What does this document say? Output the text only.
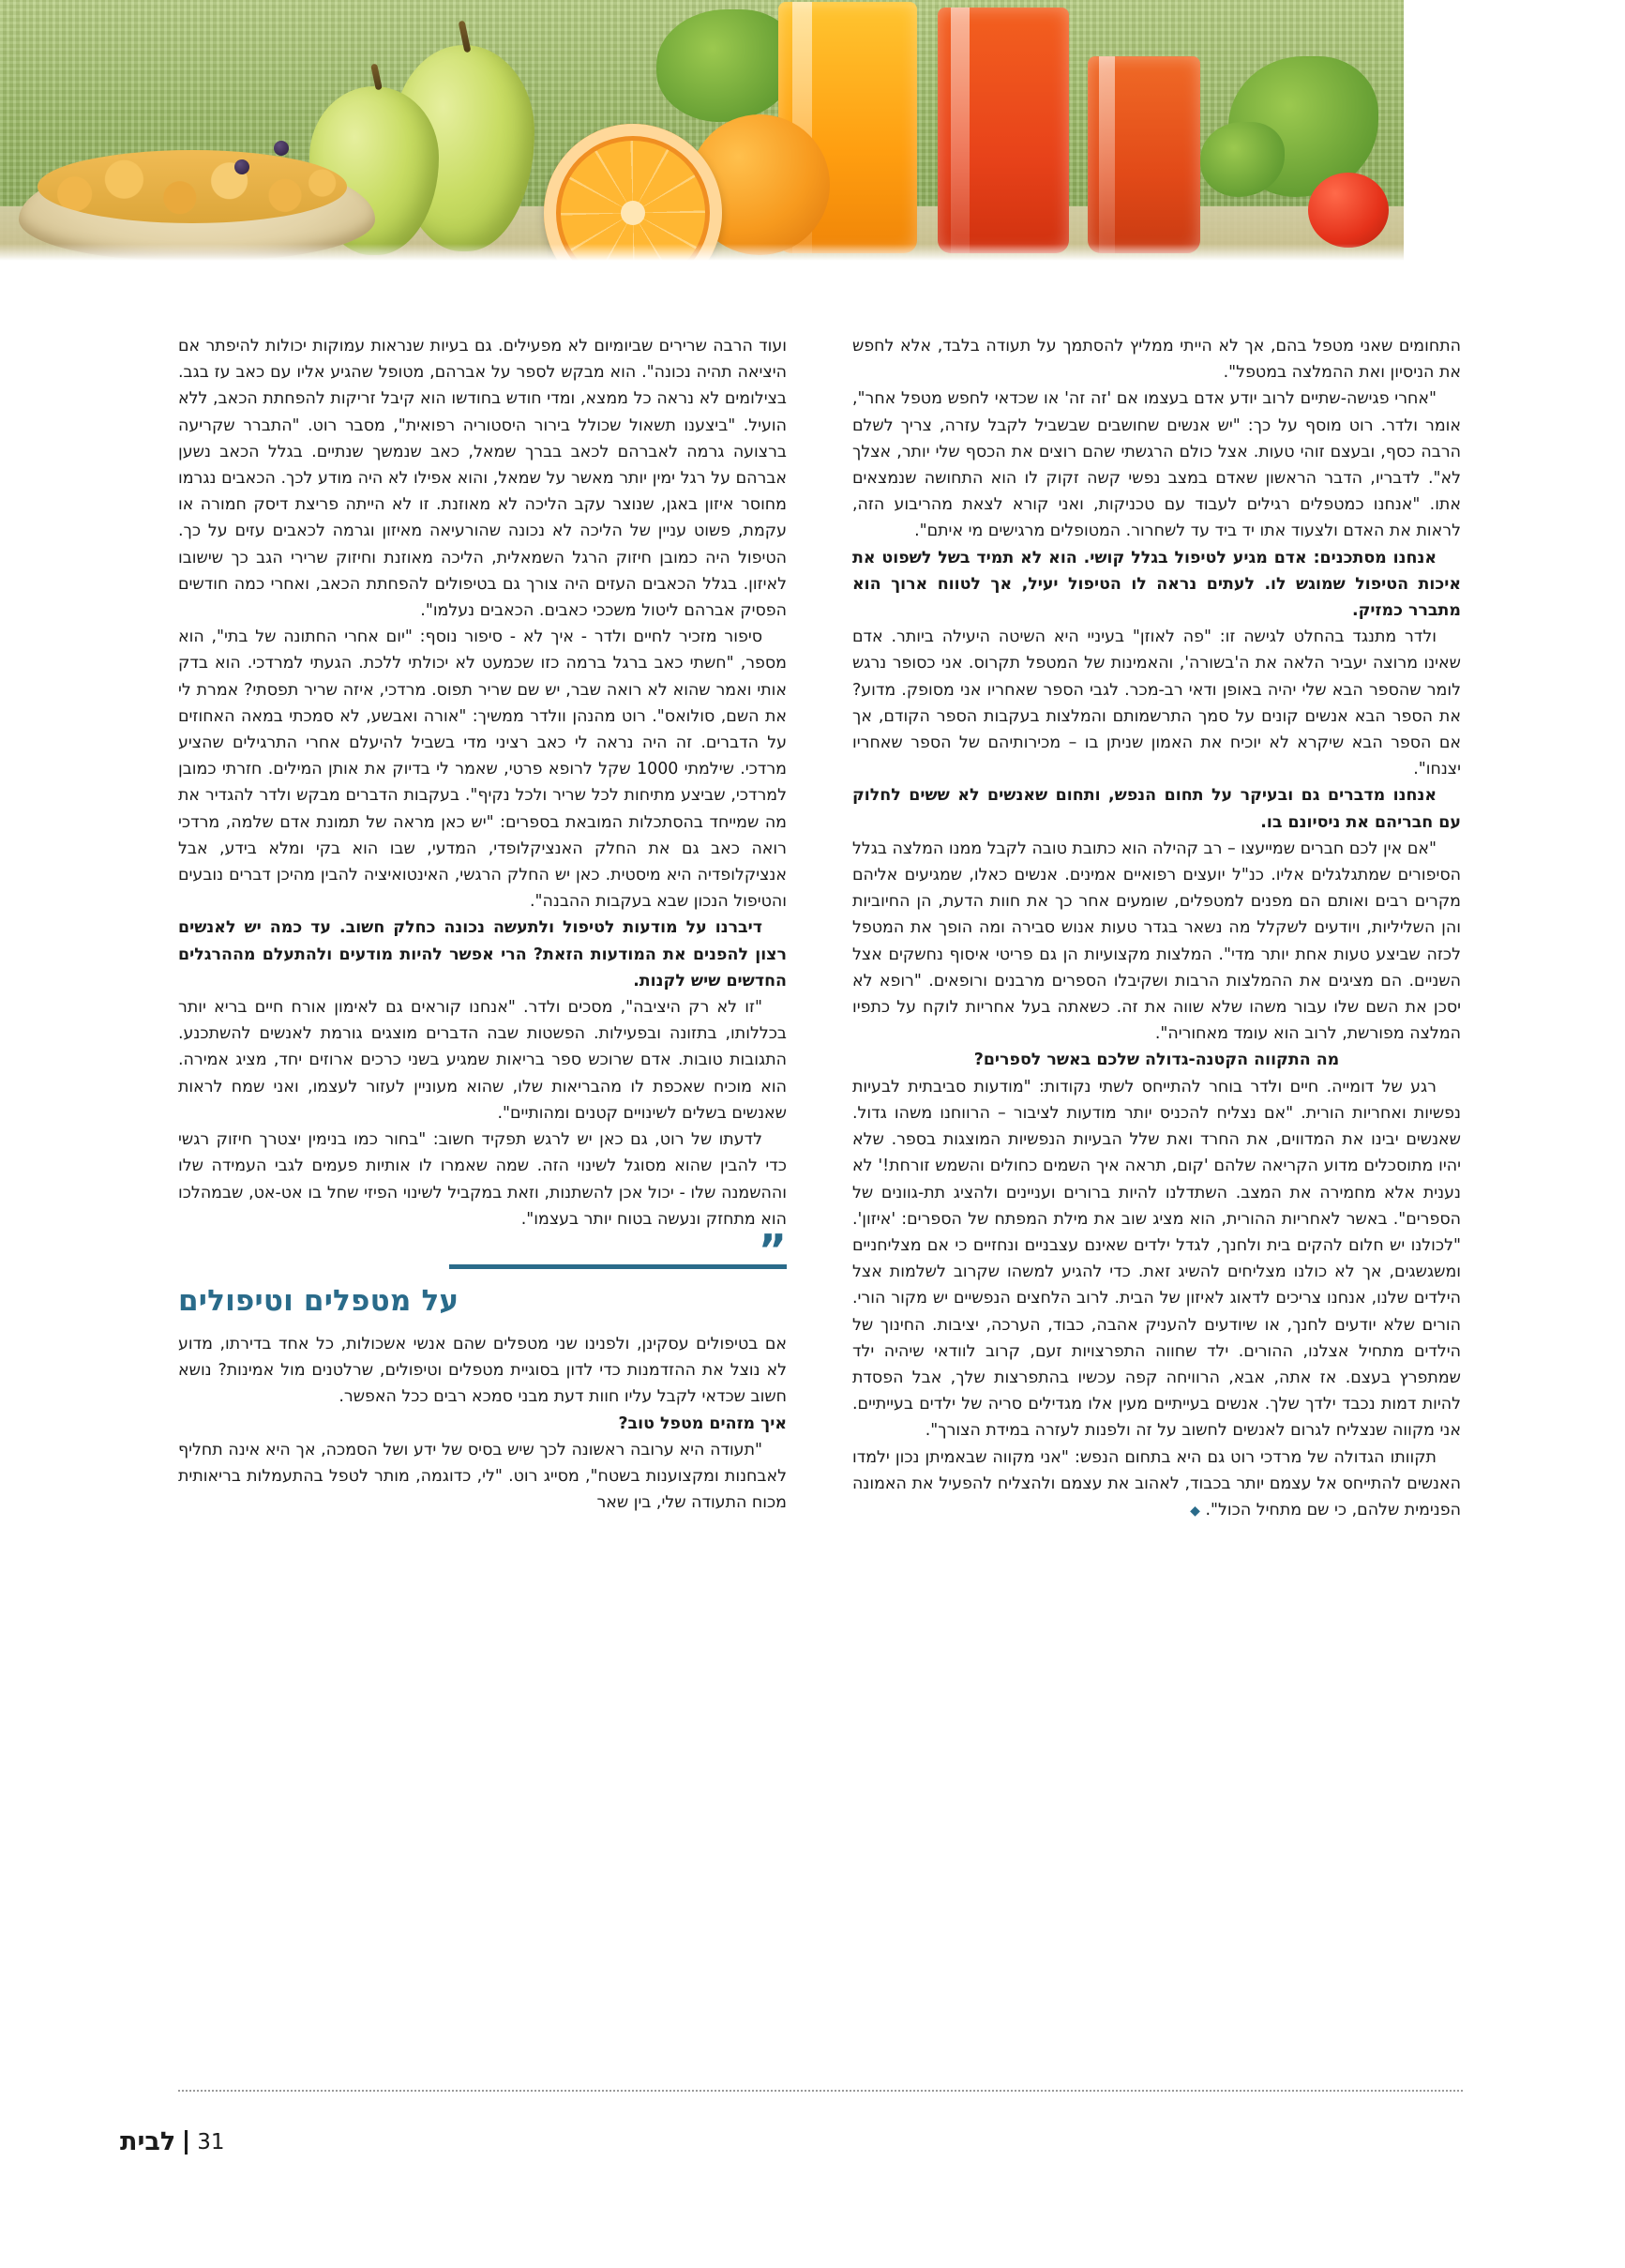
ועוד הרבה שרירים שביומיום לא מפעילים. גם בעיות שנראות עמוקות יכולות להיפתר אם היציאה תהיה נכונה". הוא מבקש לספר על אברהם, מטופל שהגיע אליו עם כאב עז בגב. בצילומים לא נראה כל ממצא, ומדי חודש בחודשו הוא קיבל זריקות להפחתת הכאב, ללא הועיל. "ביצענו תשאול שכולל בירור היסטוריה רפואית", מסבר רוט. "התברר שקריעה ברצועה גרמה לאברהם לכאב בברך שמאל, כאב שנמשך שנתיים. בגלל הכאב נשען אברהם על רגל ימין יותר מאשר על שמאל, והוא אפילו לא היה מודע לכך. הכאבים נגרמו מחוסר איזון באגן, שנוצר עקב הליכה לא מאוזנת. זו לא הייתה פריצת דיסק חמורה או עקמת, פשוט עניין של הליכה לא נכונה שהורעיאה מאיזון וגרמה לכאבים עזים על כך. הטיפול היה כמובן חיזוק הרגל השמאלית, הליכה מאוזנת וחיזוק שרירי הגב כך שישובו לאיזון. בגלל הכאבים העזים היה צורך גם בטיפולים להפחתת הכאב, ואחרי כמה חודשים הפסיק אברהם ליטול משככי כאבים. הכאבים נעלמו".

סיפור מזכיר לחיים ולדר - איך לא - סיפור נוסף: "יום אחרי החתונה של בתי", הוא מספר, "חשתי כאב ברגל ברמה כזו שכמעט לא יכולתי ללכת. הגעתי למרדכי. הוא בדק אותי ואמר שהוא לא רואה שבר, יש שם שריר תפוס. מרדכי, איזה שריר תפסתי? אמרת לי את השם, סולואס". רוט מהנהן וולדר ממשיך: "אורה ואבשע, לא סמכתי במאה האחוזים על הדברים. זה היה נראה לי כאב רציני מדי בשביל להיעלם אחרי התרגילים שהציע מרדכי. שילמתי 1000 שקל לרופא פרטי, שאמר לי בדיוק את אותן המילים. חזרתי כמובן למרדכי, שביצע מתיחות לכל שריר ולכל נקיף". בעקבות הדברים מבקש ולדר להגדיר את מה שמייחד בהסתכלות המובאת בספרים: "יש כאן מראה של תמונת אדם שלמה, מרדכי רואה כאב גם את החלק האנציקלופדי, המדעי, שבו הוא בקי ומלא בידע, אבל אנציקלופדיה היא מיסטית. כאן יש החלק הרגשי, האינטואיציה להבין מהיכן דברים נובעים והטיפול הנכון שבא בעקבות ההבנה".

דיברנו על מודעות לטיפול ולתעשה נכונה כחלק חשוב. עד כמה יש לאנשים רצון להפנים את המודעות הזאת? הרי אפשר להיות מודעים ולהתעלם מההרגלים החדשים שיש לקנות.

"זו לא רק היציבה", מסכים ולדר. "אנחנו קוראים גם לאימון אורח חיים בריא יותר בכללותו, בתזונה ובפעילות. הפשטות שבה הדברים מוצגים גורמת לאנשים להשתכנע. התגובות טובות. אדם שרוכש ספר בריאות שמגיע בשני כרכים ארוזים יחד, מציג אמירה. הוא מוכיח שאכפת לו מהבריאות שלו, שהוא מעוניין לעזור לעצמו, ואני שמח לראות שאנשים בשלים לשינויים קטנים ומהותיים".

לדעתו של רוט, גם כאן יש לרגש תפקיד חשוב: "בחור כמו בנימין יצטרך חיזוק רגשי כדי להבין שהוא מסוגל לשינוי הזה. שמה שאמרו לו אותיות פעמים לגבי העמידה שלו וההשמנה שלו - יכול אכן להשתנות, וזאת במקביל לשינוי הפיזי שחל בו אט-אט, שבמהלכו הוא מתחזק ונעשה בטוח יותר בעצמו".

”
על מטפלים וטיפולים

אם בטיפולים עסקינן, ולפנינו שני מטפלים שהם אנשי אשכולות, כל אחד בדירתו, מדוע לא נוצל את ההזדמנות כדי לדון בסוגיית מטפלים וטיפולים, שרלטנים מול אמינות? נושא חשוב שכדאי לקבל עליו חוות דעת מבני סמכא רבים ככל האפשר.

איך מזהים מטפל טוב?

"תעודה היא ערובה ראשונה לכך שיש בסיס של ידע ושל הסמכה, אך היא אינה תחליף לאבחנות ומקצוענות בשטח", מסייג רוט. "לי, כדוגמה, מותר לטפל בהתעמלות בריאותית מכוח התעודה שלי, בין שאר

התחומים שאני מטפל בהם, אך לא הייתי ממליץ להסתמך על תעודה בלבד, אלא לחפש את הניסיון ואת ההמלצה במטפל".

"אחרי פגישה-שתיים לרוב יודע אדם בעצמו אם 'זה זה' או שכדאי לחפש מטפל אחר", אומר ולדר. רוט מוסף על כך: "יש אנשים שחושבים שבשביל לקבל עזרה, צריך לשלם הרבה כסף, ובעצם זוהי טעות. אצל כולם הרגשתי שהם רוצים את הכסף שלי יותר, אצלך לא". לדבריו, הדבר הראשון שאדם במצב נפשי קשה זקוק לו הוא התחושה שנמצאים אתו. "אנחנו כמטפלים רגילים לעבוד עם טכניקות, ואני קורא לצאת מהריבוע הזה, לראות את האדם ולצעוד אתו יד ביד עד לשחרור. המטופלים מרגישים מי איתם".

אנחנו מסתכנים: אדם מגיע לטיפול בגלל קושי. הוא לא תמיד בשל לשפוט את איכות הטיפול שמוגש לו. לעתים נראה לו הטיפול יעיל, אך לטווח ארוך הוא מתברר כמזיק.

ולדר מתנגד בהחלט לגישה זו: "פה לאוזן" בעיניי היא השיטה היעילה ביותר. אדם שאינו מרוצה יעביר הלאה את ה'בשורה', והאמינות של המטפל תקרוס. אני כסופר נרגש לומר שהספר הבא שלי יהיה באופן ודאי רב-מכר. לגבי הספר שאחריו אני מסופק. מדוע? את הספר הבא אנשים קונים על סמך התרשמותם והמלצות בעקבות הספר הקודם, אך אם הספר הבא שיקרא לא יוכיח את האמון שניתן בו – מכירותיהם של הספר שאחריו יצנחו".

אנחנו מדברים גם ובעיקר על תחום הנפש, ותחום שאנשים לא ששים לחלוק עם חבריהם את ניסיונם בו.

"אם אין לכם חברים שמייעצו – רב קהילה הוא כתובת טובה לקבל ממנו המלצה בגלל הסיפורים שמתגלגלים אליו. כנ"ל יועצים רפואיים אמינים. אנשים כאלו, שמגיעים אליהם מקרים רבים ואותם הם מפנים למטפלים, שומעים אחר כך את חוות הדעת, הן החיוביות והן השליליות, ויודעים לשקלל מה נשאר בגדר טעות אנוש סבירה ומה הופך את המטפל לכזה שביצע טעות אחת יותר מדי". המלצות מקצועיות הן גם פריטי איסוף נחשקים אצל השניים. הם מציגים את ההמלצות הרבות ושקיבלו הספרים מרבנים ורופאים. "רופא לא יסכן את השם שלו עבור משהו שלא שווה את זה. כשאתה בעל אחריות לוקח על כתפיו המלצה מפורשת, לרוב הוא עומד מאחוריה".

מה התקווה הקטנה-גדולה שלכם באשר לספרים?

רגע של דומייה. חיים ולדר בוחר להתייחס לשתי נקודות: "מודעות סביבתית לבעיות נפשיות ואחריות הורית. "אם נצליח להכניס יותר מודעות לציבור – הרווחנו משהו גדול. שאנשים יבינו את המדווים, את החרד ואת שלל הבעיות הנפשיות המוצגות בספר. שלא יהיו מתוסכלים מדוע הקריאה שלהם 'קום, תראה איך השמים כחולים והשמש זורחת!' לא נענית אלא מחמירה את המצב. השתדלנו להיות ברורים ועניינים ולהציג תת-גוונים של הספרים". באשר לאחריות ההורית, הוא מציג שוב את מילת המפתח של הספרים: 'איזון'. "לכולנו יש חלום להקים בית ולחנך, לגדל ילדים שאינם עצבניים ונחזיים כי אם מצליחניים ומשגשגים, אך לא כולנו מצליחים להשיג זאת. כדי להגיע למשהו שקרוב לשלמות אצל הילדים שלנו, אנחנו צריכים לדאוג לאיזון של הבית. לרוב הלחצים הנפשיים יש מקור הורי. הורים שלא יודעים לחנך, או שיודעים להעניק אהבה, כבוד, הערכה, יציבות. החינוך של הילדים מתחיל אצלנו, ההורים. ילד שחווה התפרצויות זעם, קרוב לוודאי שיהיה ילד שמתפרץ בעצם. אז אתה, אבא, הרוויחה קפה עכשיו בהתפרצות שלך, אבל הפסדת להיות דמות נכבד ילדך שלך. אנשים בעייתיים מעין אלו מגדילים סריה של ילדים בעייתיים. אני מקווה שנצליח לגרום לאנשים לחשוב על זה ולפנות לעזרה במידת הצורך".

תקוותו הגדולה של מרדכי רוט גם היא בתחום הנפש: "אני מקווה שבאמיתן נכון ילמדו האנשים להתייחס אל עצמם יותר בכבוד, לאהוב את עצמם ולהצליח להפעיל את האמונה הפנימית שלהם, כי שם מתחיל הכול". ◆

לבית 31
